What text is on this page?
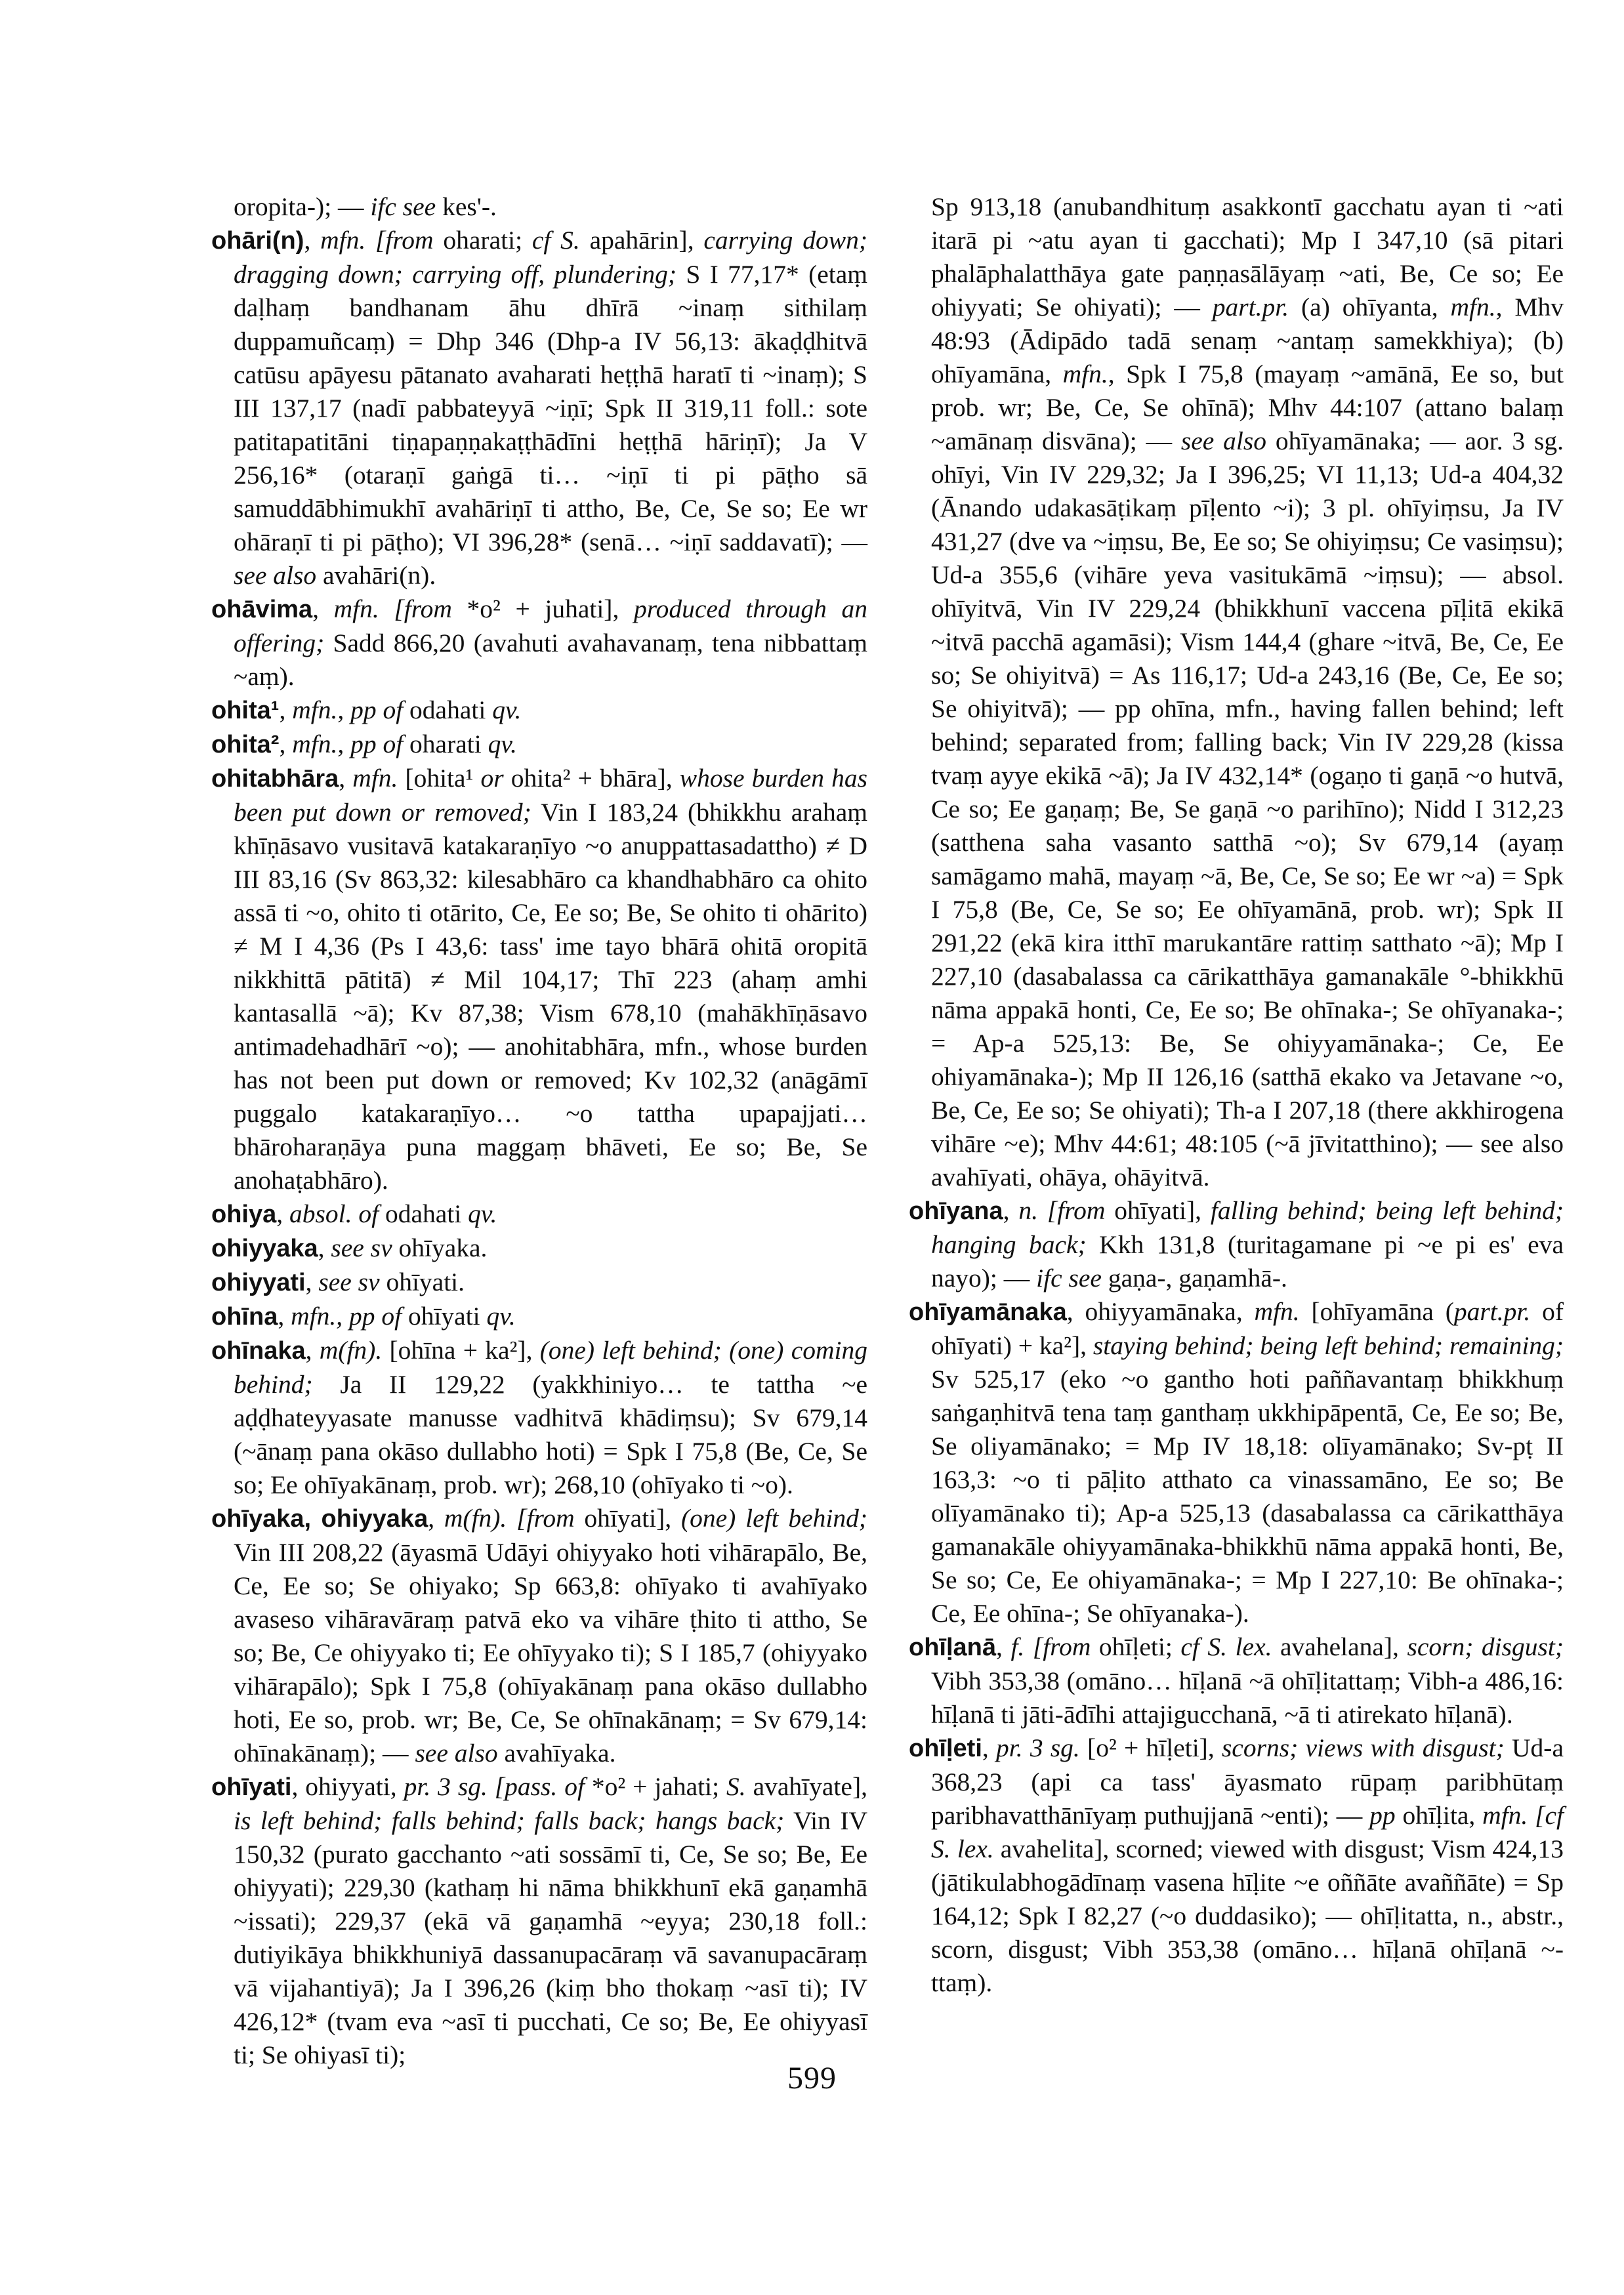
oropita-); — ifc see kes'-.

ohāri(n), mfn. [from oharati; cf S. apahārin], carrying down; dragging down; carrying off, plundering; S I 77,17* (etaṃ daḷhaṃ bandhanam āhu dhīrā ~inaṃ sithilaṃ duppamuñcaṃ) = Dhp 346 (Dhp-a IV 56,13: ākaḍḍhitvā catūsu apāyesu pātanato avaharati heṭṭhā haratī ti ~inaṃ); S III 137,17 (nadī pabbateyyā ~iṇī; Spk II 319,11 foll.: sote patitapatitāni tiṇapaṇṇakaṭṭhādīni heṭṭhā hāriṇī); Ja V 256,16* (otaraṇī gaṅgā ti… ~iṇī ti pi pāṭho sā samuddābhimukhī avahāriṇī ti attho, Be, Ce, Se so; Ee wr ohāraṇī ti pi pāṭho); VI 396,28* (senā… ~iṇī saddavatī); — see also avahāri(n).

ohāvima, mfn. [from *o² + juhati], produced through an offering; Sadd 866,20 (avahuti avahavanaṃ, tena nibbattaṃ ~aṃ).

ohita¹, mfn., pp of odahati qv.

ohita², mfn., pp of oharati qv.

ohitabhāra, mfn. [ohita¹ or ohita² + bhāra], whose burden has been put down or removed; Vin I 183,24 (bhikkhu arahaṃ khīṇāsavo vusitavā katakaraṇīyo ~o anuppattasadattho) ≠ D III 83,16 (Sv 863,32: kilesabhāro ca khandhabhāro ca ohito assā ti ~o, ohito ti otārito, Ce, Ee so; Be, Se ohito ti ohārito) ≠ M I 4,36 (Ps I 43,6: tass' ime tayo bhārā ohitā oropitā nikkhittā pātitā) ≠ Mil 104,17; Thī 223 (ahaṃ amhi kantasallā ~ā); Kv 87,38; Vism 678,10 (mahākhīṇāsavo antimadehadhārī ~o); — anohitabhāra, mfn., whose burden has not been put down or removed; Kv 102,32 (anāgāmī puggalo katakaraṇīyo… ~o tattha upapajjati… bhāroharaṇāya puna maggaṃ bhāveti, Ee so; Be, Se anohaṭabhāro).

ohiya, absol. of odahati qv.

ohiyyaka, see sv ohīyaka.

ohiyyati, see sv ohīyati.

ohīna, mfn., pp of ohīyati qv.

ohīnaka, m(fn). [ohīna + ka²], (one) left behind; (one) coming behind; Ja II 129,22 (yakkhiniyo… te tattha ~e aḍḍhateyyasate manusse vadhitvā khādiṃsu); Sv 679,14 (~ānaṃ pana okāso dullabho hoti) = Spk I 75,8 (Be, Ce, Se so; Ee ohīyakānaṃ, prob. wr); 268,10 (ohīyako ti ~o).

ohīyaka, ohiyyaka, m(fn). [from ohīyati], (one) left behind; Vin III 208,22 (āyasmā Udāyi ohiyyako hoti vihārapālo, Be, Ce, Ee so; Se ohiyako; Sp 663,8: ohīyako ti avahīyako avaseso vihāravāraṃ patvā eko va vihāre ṭhito ti attho, Se so; Be, Ce ohiyyako ti; Ee ohīyyako ti); S I 185,7 (ohiyyako vihārapālo); Spk I 75,8 (ohīyakānaṃ pana okāso dullabho hoti, Ee so, prob. wr; Be, Ce, Se ohīnakānaṃ; = Sv 679,14: ohīnakānaṃ); — see also avahīyaka.

ohīyati, ohiyyati, pr. 3 sg. [pass. of *o² + jahati; S. avahīyate], is left behind; falls behind; falls back; hangs back; Vin IV 150,32 (purato gacchanto ~ati sossāmī ti, Ce, Se so; Be, Ee ohiyyati); 229,30 (kathaṃ hi nāma bhikkhunī ekā gaṇamhā ~issati); 229,37 (ekā vā gaṇamhā ~eyya; 230,18 foll.: dutiyikāya bhikkhuniyā dassanupacāraṃ vā savanupacāraṃ vā vijahantiyā); Ja I 396,26 (kiṃ bho thokaṃ ~asī ti); IV 426,12* (tvam eva ~asī ti pucchati, Ce so; Be, Ee ohiyyasī ti; Se ohiyasī ti);

Sp 913,18 (anubandhituṃ asakkontī gacchatu ayan ti ~ati itarā pi ~atu ayan ti gacchati); Mp I 347,10 (sā pitari phalāphalatthāya gate paṇṇasālāyaṃ ~ati, Be, Ce so; Ee ohiyyati; Se ohiyati); — part.pr. (a) ohīyanta, mfn., Mhv 48:93 (Ādipādo tadā senaṃ ~antaṃ samekkhiya); (b) ohīyamāna, mfn., Spk I 75,8 (mayaṃ ~amānā, Ee so, but prob. wr; Be, Ce, Se ohīnā); Mhv 44:107 (attano balaṃ ~amānaṃ disvāna); — see also ohīyamānaka; — aor. 3 sg. ohīyi, Vin IV 229,32; Ja I 396,25; VI 11,13; Ud-a 404,32 (Ānando udakasāṭikaṃ pīḷento ~i); 3 pl. ohīyiṃsu, Ja IV 431,27 (dve va ~iṃsu, Be, Ee so; Se ohiyiṃsu; Ce vasiṃsu); Ud-a 355,6 (vihāre yeva vasitukāmā ~iṃsu); — absol. ohīyitvā, Vin IV 229,24 (bhikkhunī vaccena pīḷitā ekikā ~itvā pacchā agamāsi); Vism 144,4 (ghare ~itvā, Be, Ce, Ee so; Se ohiyitvā) = As 116,17; Ud-a 243,16 (Be, Ce, Ee so; Se ohiyitvā); — pp ohīna, mfn., having fallen behind; left behind; separated from; falling back; Vin IV 229,28 (kissa tvaṃ ayye ekikā ~ā); Ja IV 432,14* (ogaṇo ti gaṇā ~o hutvā, Ce so; Ee gaṇaṃ; Be, Se gaṇā ~o parihīno); Nidd I 312,23 (satthena saha vasanto satthā ~o); Sv 679,14 (ayaṃ samāgamo mahā, mayaṃ ~ā, Be, Ce, Se so; Ee wr ~a) = Spk I 75,8 (Be, Ce, Se so; Ee ohīyamānā, prob. wr); Spk II 291,22 (ekā kira itthī marukantāre rattiṃ satthato ~ā); Mp I 227,10 (dasabalassa ca cārikatthāya gamanakāle °-bhikkhū nāma appakā honti, Ce, Ee so; Be ohīnaka-; Se ohīyanaka-; = Ap-a 525,13: Be, Se ohiyyamānaka-; Ce, Ee ohiyamānaka-); Mp II 126,16 (satthā ekako va Jetavane ~o, Be, Ce, Ee so; Se ohiyati); Th-a I 207,18 (there akkhirogena vihāre ~e); Mhv 44:61; 48:105 (~ā jīvitatthino); — see also avahīyati, ohāya, ohāyitvā.

ohīyana, n. [from ohīyati], falling behind; being left behind; hanging back; Kkh 131,8 (turitagamane pi ~e pi es' eva nayo); — ifc see gaṇa-, gaṇamhā-.

ohīyamānaka, ohiyyamānaka, mfn. [ohīyamāna (part.pr. of ohīyati) + ka²], staying behind; being left behind; remaining; Sv 525,17 (eko ~o gantho hoti paññavantaṃ bhikkhuṃ saṅgaṇhitvā tena taṃ ganthaṃ ukkhipāpentā, Ce, Ee so; Be, Se oliyamānako; = Mp IV 18,18: olīyamānako; Sv-pṭ II 163,3: ~o ti pāḷito atthato ca vinassamāno, Ee so; Be olīyamānako ti); Ap-a 525,13 (dasabalassa ca cārikatthāya gamanakāle ohiyyamānaka-bhikkhū nāma appakā honti, Be, Se so; Ce, Ee ohiyamānaka-; = Mp I 227,10: Be ohīnaka-; Ce, Ee ohīna-; Se ohīyanaka-).

ohīḷanā, f. [from ohīḷeti; cf S. lex. avahelana], scorn; disgust; Vibh 353,38 (omāno… hīḷanā ~ā ohīḷitattaṃ; Vibh-a 486,16: hīḷanā ti jāti-ādīhi attajigucchanā, ~ā ti atirekato hīḷanā).

ohīḷeti, pr. 3 sg. [o² + hīḷeti], scorns; views with disgust; Ud-a 368,23 (api ca tass' āyasmato rūpaṃ paribhūtaṃ paribhavatthānīyaṃ puthujjanā ~enti); — pp ohīḷita, mfn. [cf S. lex. avahelita], scorned; viewed with disgust; Vism 424,13 (jātikulabhogādīnaṃ vasena hīḷite ~e oññāte avaññāte) = Sp 164,12; Spk I 82,27 (~o duddasiko); — ohīḷitatta, n., abstr., scorn, disgust; Vibh 353,38 (omāno… hīḷanā ohīḷanā ~-ttaṃ).

599
